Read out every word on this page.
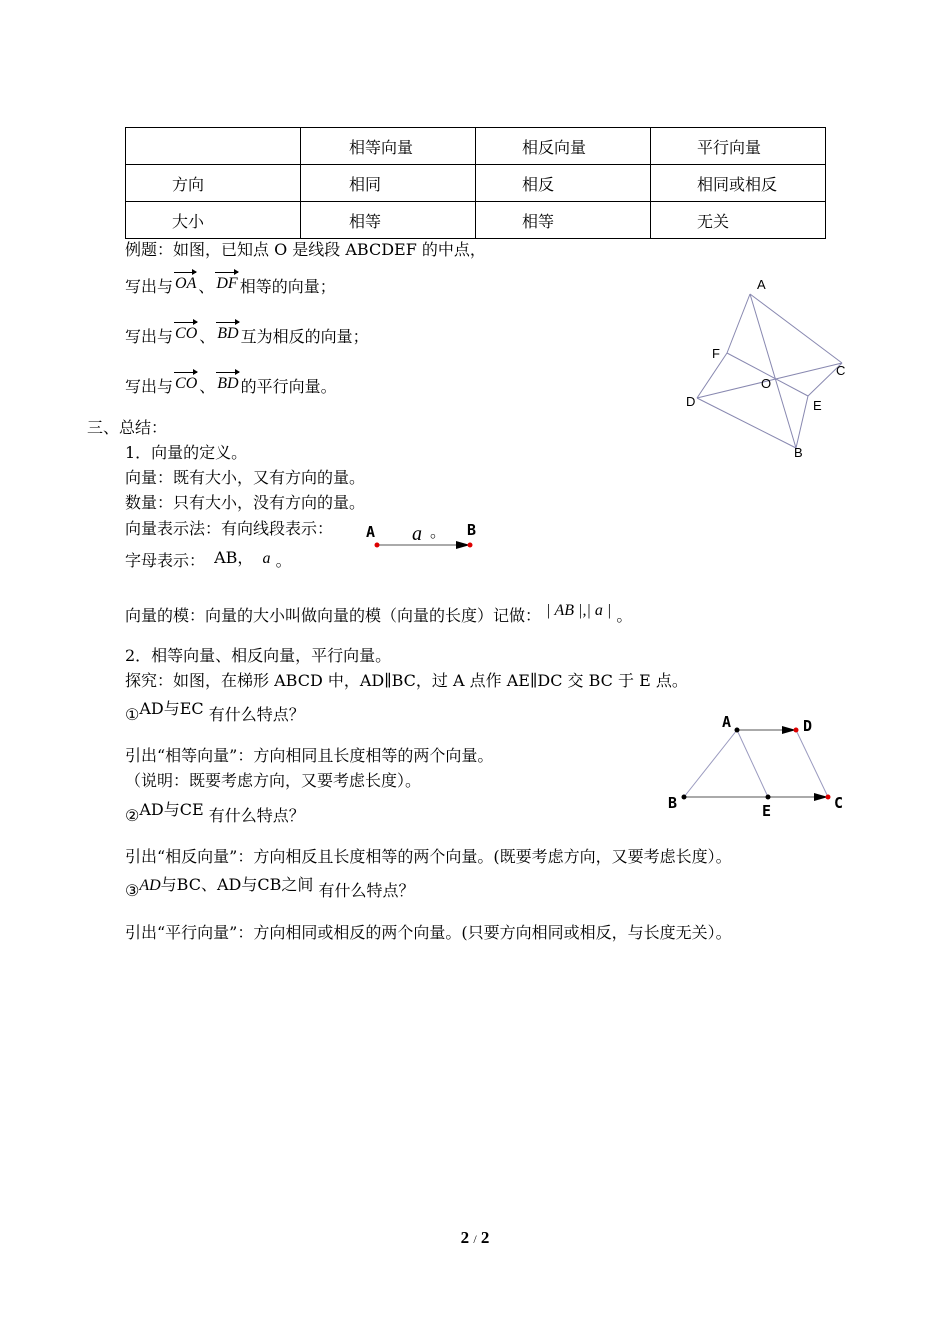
	相等向量	相反向量	平行向量
方向	相同	相反	相同或相反
大小	相等	相等	无关
例题：如图，已知点 O 是线段 ABCDEF 的中点，
写出与 OA 、 DF 相等的向量；
写出与 CO 、 BD 互为相反的向量；
写出与 CO 、 BD 的平行向量。
A
F
C
O
D	E
B
三、总结：
1．向量的定义。
向量：既有大小，又有方向的量。
数量：只有大小，没有方向的量。
向量表示法：有向线段表示： A a 。 B
字母表示： AB， a 。
向量的模：向量的大小叫做向量的模（向量的长度）记做： | AB |,| a | 。
2．相等向量、相反向量，平行向量。
探究：如图，在梯形 ABCD 中，AD∥BC，过 A 点作 AE∥DC 交 BC 于 E 点。
①AD与EC 有什么特点？
引出“相等向量”：方向相同且长度相等的两个向量。
（说明：既要考虑方向，又要考虑长度）。
②AD与CE 有什么特点？
引出“相反向量”：方向相反且长度相等的两个向量。(既要考虑方向，又要考虑长度）。
③AD与BC、AD与CB之间 有什么特点？
引出“平行向量”：方向相同或相反的两个向量。(只要方向相同或相反，与长度无关）。
A	D
B	E	C
2 / 2
